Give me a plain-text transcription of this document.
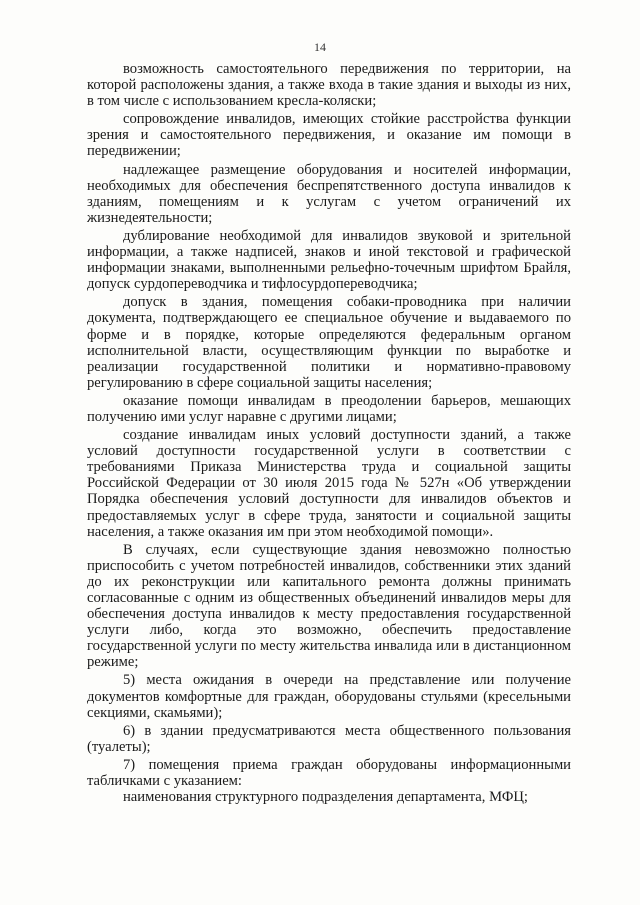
14

возможность самостоятельного передвижения по территории, на которой расположены здания, а также входа в такие здания и выходы из них, в том числе с использованием кресла-коляски;

сопровождение инвалидов, имеющих стойкие расстройства функции зрения и самостоятельного передвижения, и оказание им помощи в передвижении;

надлежащее размещение оборудования и носителей информации, необходимых для обеспечения беспрепятственного доступа инвалидов к зданиям, помещениям и к услугам с учетом ограничений их жизнедеятельности;

дублирование необходимой для инвалидов звуковой и зрительной информации, а также надписей, знаков и иной текстовой и графической информации знаками, выполненными рельефно-точечным шрифтом Брайля, допуск сурдопереводчика и тифлосурдопереводчика;

допуск в здания, помещения собаки-проводника при наличии документа, подтверждающего ее специальное обучение и выдаваемого по форме и в порядке, которые определяются федеральным органом исполнительной власти, осуществляющим функции по выработке и реализации государственной политики и нормативно-правовому регулированию в сфере социальной защиты населения;

оказание помощи инвалидам в преодолении барьеров, мешающих получению ими услуг наравне с другими лицами;

создание инвалидам иных условий доступности зданий, а также условий доступности государственной услуги в соответствии с требованиями Приказа Министерства труда и социальной защиты Российской Федерации от 30 июля 2015 года № 527н «Об утверждении Порядка обеспечения условий доступности для инвалидов объектов и предоставляемых услуг в сфере труда, занятости и социальной защиты населения, а также оказания им при этом необходимой помощи».

В случаях, если существующие здания невозможно полностью приспособить с учетом потребностей инвалидов, собственники этих зданий до их реконструкции или капитального ремонта должны принимать согласованные с одним из общественных объединений инвалидов меры для обеспечения доступа инвалидов к месту предоставления государственной услуги либо, когда это возможно, обеспечить предоставление государственной услуги по месту жительства инвалида или в дистанционном режиме;

5) места ожидания в очереди на представление или получение документов комфортные для граждан, оборудованы стульями (кресельными секциями, скамьями);

6) в здании предусматриваются места общественного пользования (туалеты);

7) помещения приема граждан оборудованы информационными табличками с указанием:

наименования структурного подразделения департамента, МФЦ;
